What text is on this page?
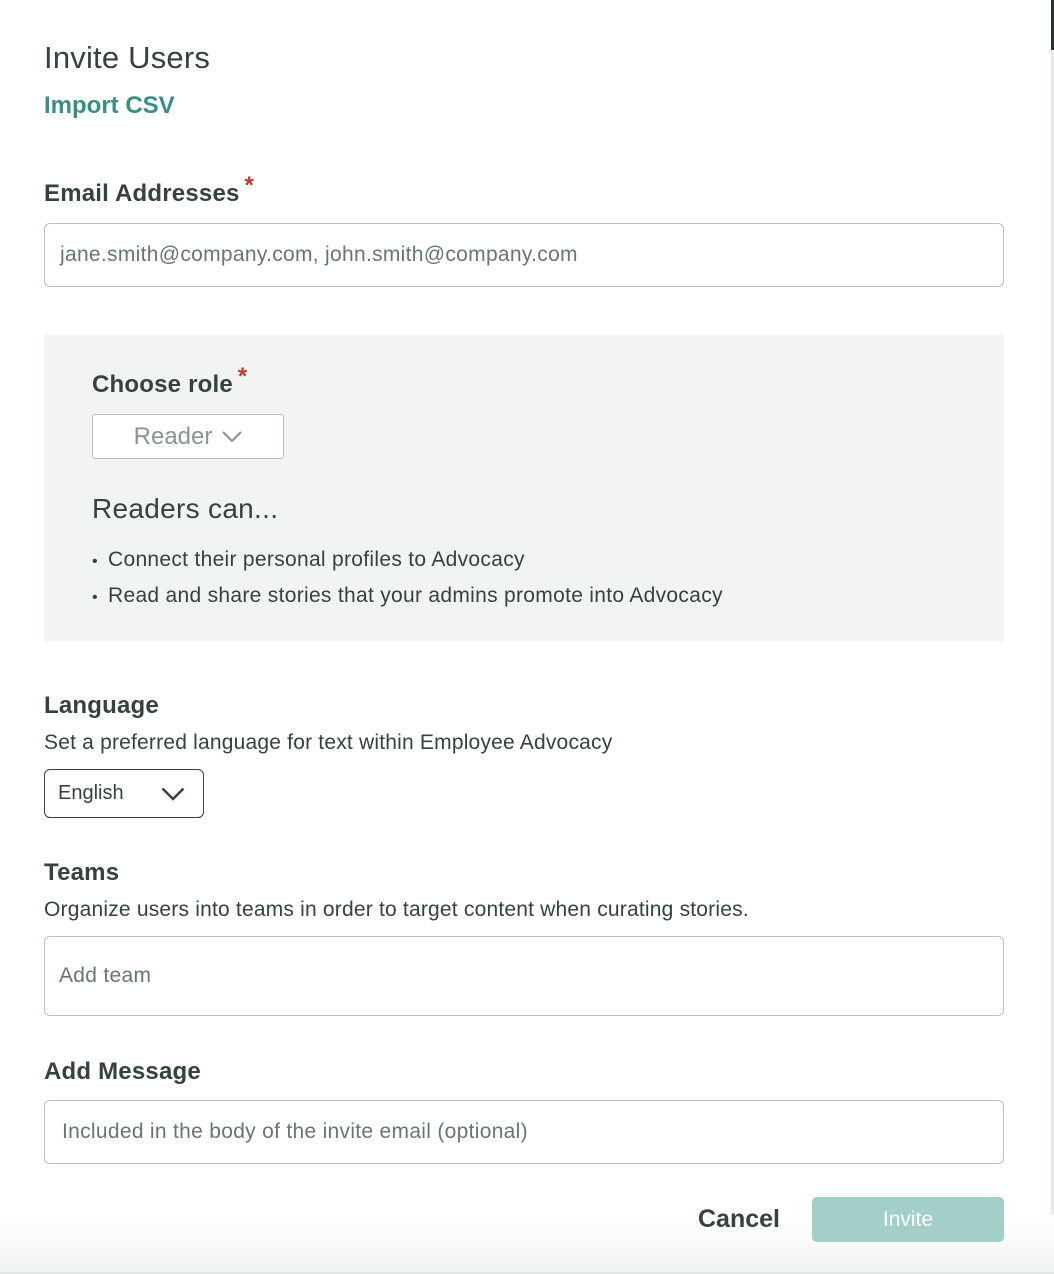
Invite Users
Import CSV
Email Addresses *
jane.smith@company.com, john.smith@company.com
Choose role *
Reader
Readers can...
• Connect their personal profiles to Advocacy
• Read and share stories that your admins promote into Advocacy
Language
Set a preferred language for text within Employee Advocacy
English
Teams
Organize users into teams in order to target content when curating stories.
Add team
Add Message
Included in the body of the invite email (optional)
Cancel	Invite
